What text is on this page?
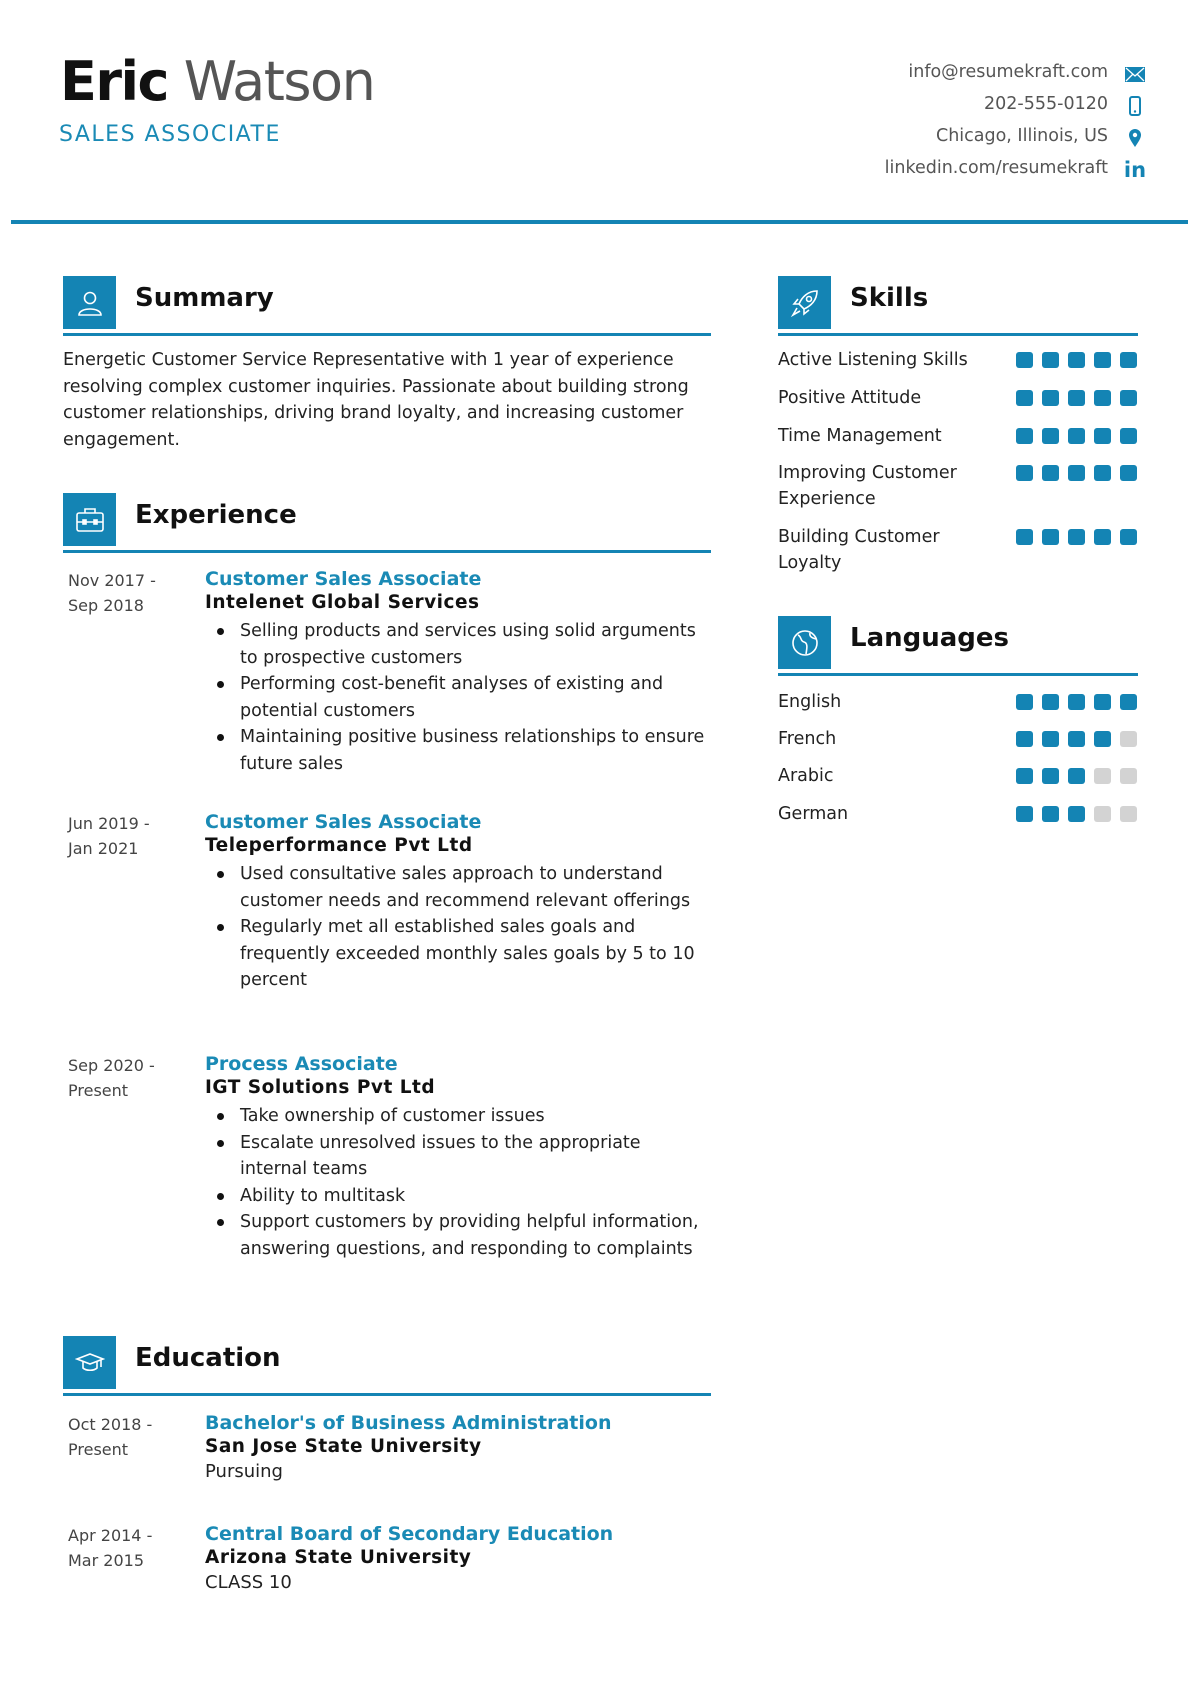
Eric Watson
SALES ASSOCIATE
info@resumekraft.com
202-555-0120
Chicago, Illinois, US
linkedin.com/resumekraft in
Summary
Energetic Customer Service Representative with 1 year of experience resolving complex customer inquiries. Passionate about building strong customer relationships, driving brand loyalty, and increasing customer engagement.
Experience
Nov 2017 -
Sep 2018
Customer Sales Associate
Intelenet Global Services
Selling products and services using solid arguments to prospective customers
Performing cost-benefit analyses of existing and potential customers
Maintaining positive business relationships to ensure future sales
Jun 2019 -
Jan 2021
Customer Sales Associate
Teleperformance Pvt Ltd
Used consultative sales approach to understand customer needs and recommend relevant offerings
Regularly met all established sales goals and frequently exceeded monthly sales goals by 5 to 10 percent
Sep 2020 -
Present
Process Associate
IGT Solutions Pvt Ltd
Take ownership of customer issues
Escalate unresolved issues to the appropriate internal teams
Ability to multitask
Support customers by providing helpful information, answering questions, and responding to complaints
Education
Oct 2018 -
Present
Bachelor's of Business Administration
San Jose State University
Pursuing
Apr 2014 -
Mar 2015
Central Board of Secondary Education
Arizona State University
CLASS 10
Skills
Active Listening Skills
Positive Attitude
Time Management
Improving Customer Experience
Building Customer Loyalty
Languages
English
French
Arabic
German
